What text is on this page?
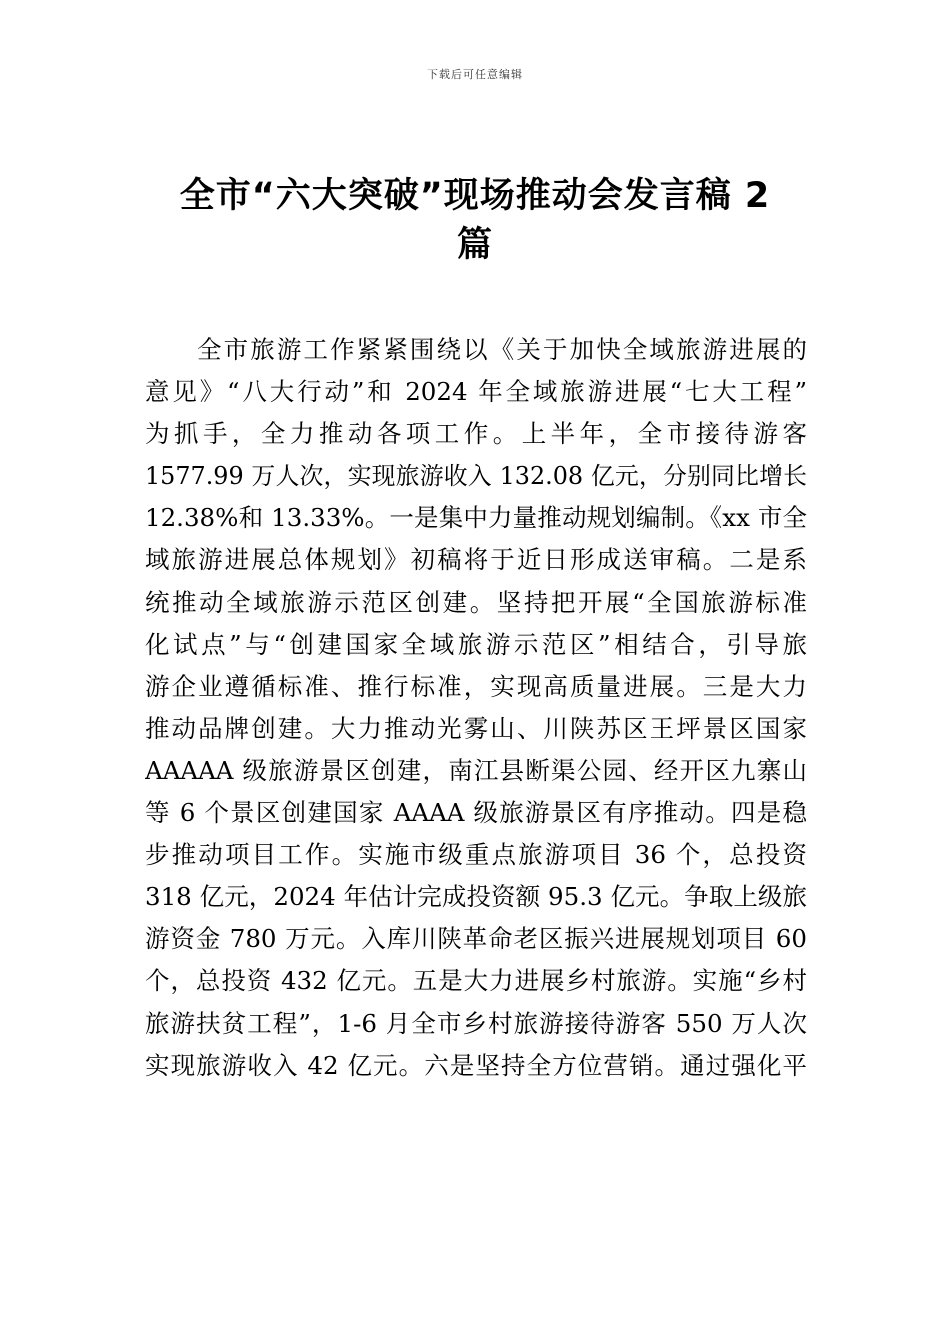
下载后可任意编辑
全市“六大突破”现场推动会发言稿 2
篇
全市旅游工作紧紧围绕以《关于加快全域旅游进展的
意见》“八大行动”和 2024 年全域旅游进展“七大工程”
为抓手，全力推动各项工作。上半年，全市接待游客
1577.99 万人次，实现旅游收入 132.08 亿元，分别同比增长
12.38%和 13.33%。一是集中力量推动规划编制。《xx 市全
域旅游进展总体规划》初稿将于近日形成送审稿。二是系
统推动全域旅游示范区创建。坚持把开展“全国旅游标准
化试点”与“创建国家全域旅游示范区”相结合，引导旅
游企业遵循标准、推行标准，实现高质量进展。三是大力
推动品牌创建。大力推动光雾山、川陕苏区王坪景区国家
AAAAA 级旅游景区创建，南江县断渠公园、经开区九寨山
等 6 个景区创建国家 AAAA 级旅游景区有序推动。四是稳
步推动项目工作。实施市级重点旅游项目 36 个，总投资
318 亿元，2024 年估计完成投资额 95.3 亿元。争取上级旅
游资金 780 万元。入库川陕革命老区振兴进展规划项目 60
个，总投资 432 亿元。五是大力进展乡村旅游。实施“乡村
旅游扶贫工程”，1-6 月全市乡村旅游接待游客 550 万人次
实现旅游收入 42 亿元。六是坚持全方位营销。通过强化平
